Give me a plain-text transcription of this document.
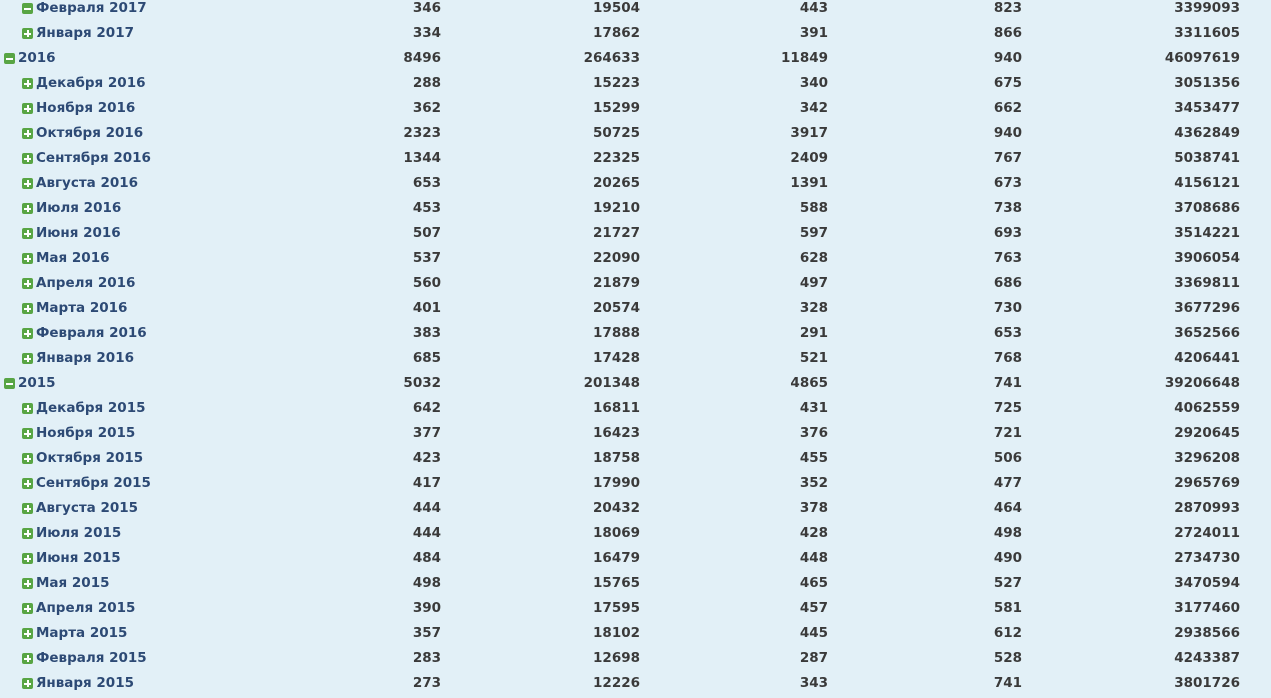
Февраля 2017	346	19504	443	823	3399093
Января 2017	334	17862	391	866	3311605
2016	8496	264633	11849	940	46097619
Декабря 2016	288	15223	340	675	3051356
Ноября 2016	362	15299	342	662	3453477
Октября 2016	2323	50725	3917	940	4362849
Сентября 2016	1344	22325	2409	767	5038741
Августа 2016	653	20265	1391	673	4156121
Июля 2016	453	19210	588	738	3708686
Июня 2016	507	21727	597	693	3514221
Мая 2016	537	22090	628	763	3906054
Апреля 2016	560	21879	497	686	3369811
Марта 2016	401	20574	328	730	3677296
Февраля 2016	383	17888	291	653	3652566
Января 2016	685	17428	521	768	4206441
2015	5032	201348	4865	741	39206648
Декабря 2015	642	16811	431	725	4062559
Ноября 2015	377	16423	376	721	2920645
Октября 2015	423	18758	455	506	3296208
Сентября 2015	417	17990	352	477	2965769
Августа 2015	444	20432	378	464	2870993
Июля 2015	444	18069	428	498	2724011
Июня 2015	484	16479	448	490	2734730
Мая 2015	498	15765	465	527	3470594
Апреля 2015	390	17595	457	581	3177460
Марта 2015	357	18102	445	612	2938566
Февраля 2015	283	12698	287	528	4243387
Января 2015	273	12226	343	741	3801726
